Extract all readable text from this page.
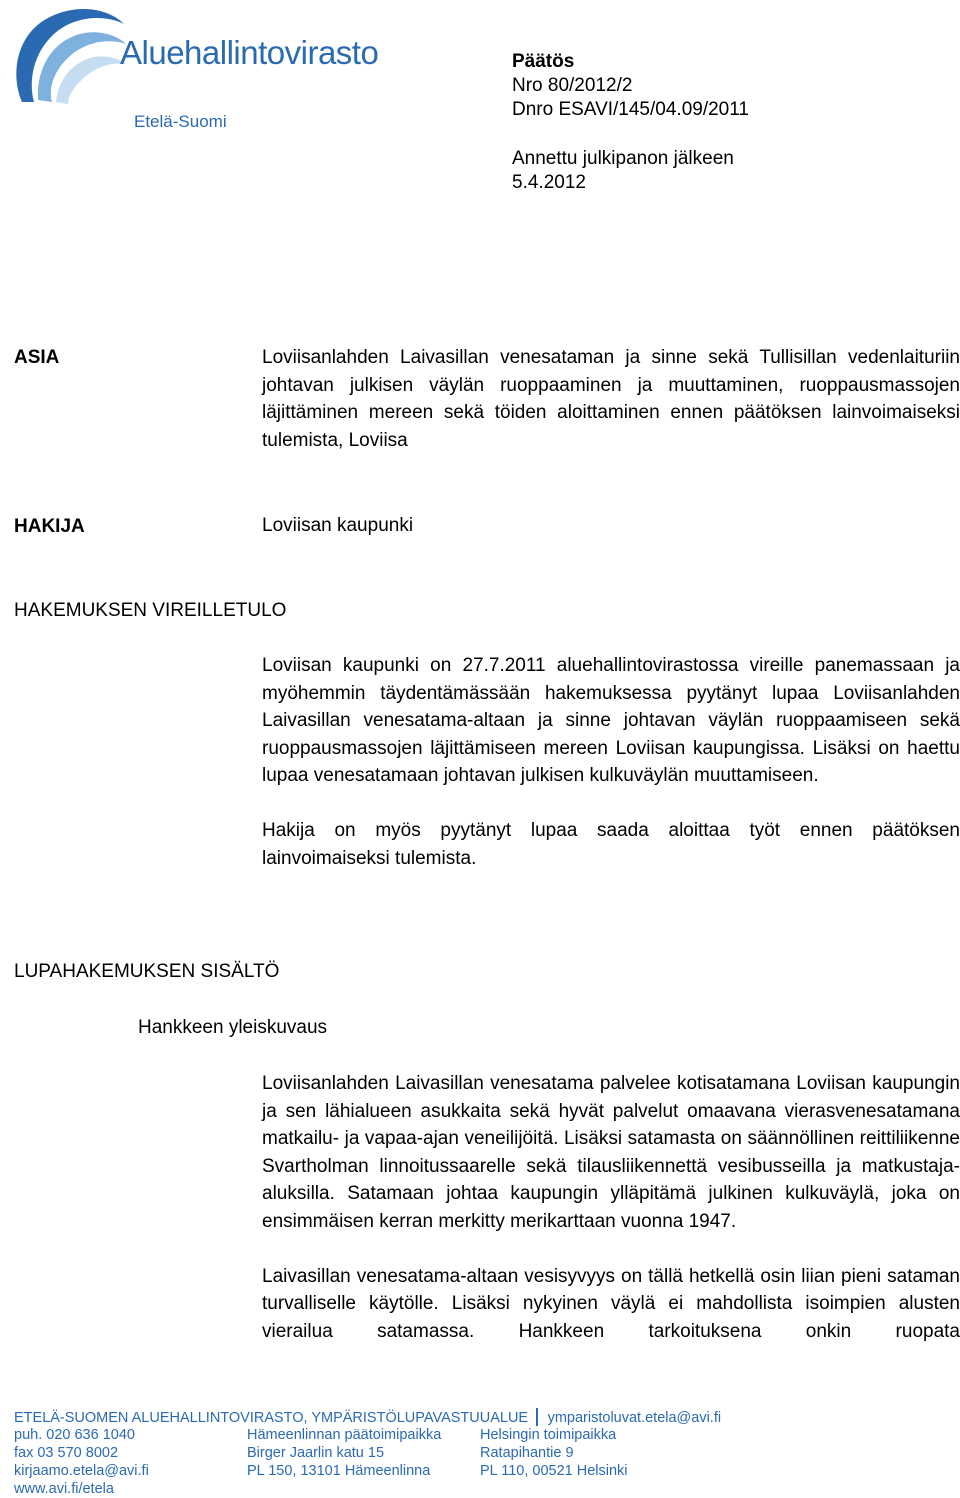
Aluehallintovirasto
Etelä-Suomi
Päätös
Nro 80/2012/2
Dnro ESAVI/145/04.09/2011
Annettu julkipanon jälkeen
5.4.2012
ASIA	Loviisanlahden Laivasillan venesataman ja sinne sekä Tullisillan vedenlaituriin johtavan julkisen väylän ruoppaaminen ja muuttaminen, ruoppausmassojen läjittäminen mereen sekä töiden aloittaminen ennen päätöksen lainvoimaiseksi tulemista, Loviisa

HAKIJA	Loviisan kaupunki

HAKEMUKSEN VIREILLETULO

Loviisan kaupunki on 27.7.2011 aluehallintovirastossa vireille panemassaan ja myöhemmin täydentämässään hakemuksessa pyytänyt lupaa Loviisanlahden Laivasillan venesatama-altaan ja sinne johtavan väylän ruoppaamiseen sekä ruoppausmassojen läjittämiseen mereen Loviisan kaupungissa. Lisäksi on haettu lupaa venesatamaan johtavan julkisen kulkuväylän muuttamiseen.

Hakija on myös pyytänyt lupaa saada aloittaa työt ennen päätöksen lainvoimaiseksi tulemista.

LUPAHAKEMUKSEN SISÄLTÖ
Hankkeen yleiskuvaus

Loviisanlahden Laivasillan venesatama palvelee kotisatamana Loviisan kaupungin ja sen lähialueen asukkaita sekä hyvät palvelut omaavana vierasvenesatamana matkailu- ja vapaa-ajan veneilijöitä. Lisäksi satamasta on säännöllinen reittiliikenne Svartholman linnoitussaarelle sekä tilausliikennettä vesibusseilla ja matkustaja-aluksilla. Satamaan johtaa kaupungin ylläpitämä julkinen kulkuväylä, joka on ensimmäisen kerran merkitty merikarttaan vuonna 1947.

Laivasillan venesatama-altaan vesisyvyys on tällä hetkellä osin liian pieni sataman turvalliselle käytölle. Lisäksi nykyinen väylä ei mahdollista isoimpien alusten vierailua satamassa. Hankkeen tarkoituksena onkin ruopata

ETELÄ-SUOMEN ALUEHALLINTOVIRASTO, YMPÄRISTÖLUPAVASTUUALUE ymparistoluvat.etela@avi.fi
puh. 020 636 1040
fax 03 570 8002
kirjaamo.etela@avi.fi
www.avi.fi/etela
Hämeenlinnan päätoimipaikka
Birger Jaarlin katu 15
PL 150, 13101 Hämeenlinna
Helsingin toimipaikka
Ratapihantie 9
PL 110, 00521 Helsinki
